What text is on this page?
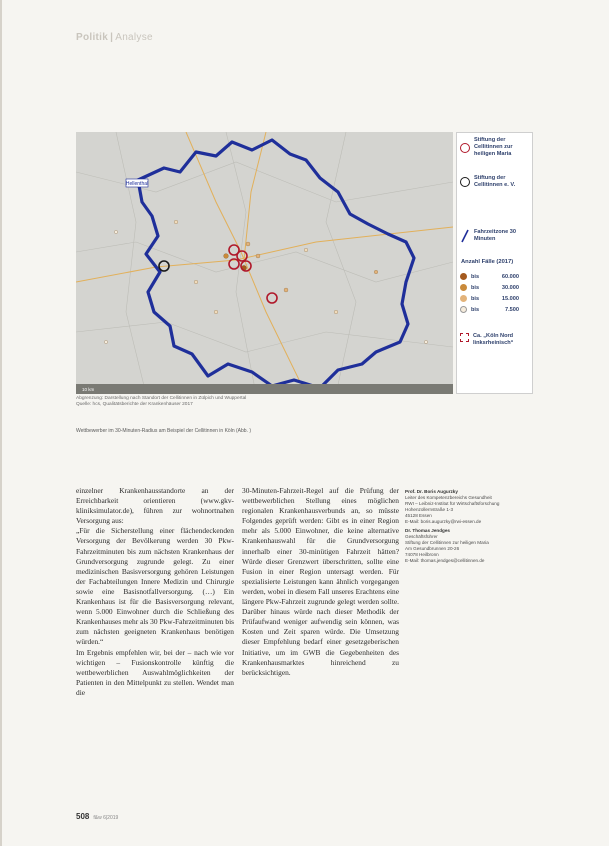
Politik | Analyse
Hellenthal
10 km
Stiftung der Cellitinnen zur heiligen Maria
Stiftung der Cellitinnen e. V.
Fahrzeitzone 30 Minuten
Anzahl Fälle (2017)
bis	60.000
bis	30.000
bis	15.000
bis	7.500
Ca. „Köln Nord linksrheinisch“
Abgrenzung: Darstellung nach Standort der Cellitinnen in Zülpich und Wuppertal
Quelle: hcs, Qualitätsberichte der Krankenhäuser 2017
Wettbewerber im 30-Minuten-Radius am Beispiel der Cellitinnen in Köln (Abb. )

einzelner Krankenhausstandorte an der Erreichbarkeit orientieren (www.gkv-kliniksimulator.de), führen zur wohnortnahen Versorgung aus:

„Für die Sicherstellung einer flächendeckenden Versorgung der Bevölkerung werden 30 Pkw-Fahrzeitminuten bis zum nächsten Krankenhaus der Grundversorgung zugrunde gelegt. Zu einer medizinischen Basisversorgung gehören Leistungen der Fachabteilungen Innere Medizin und Chirurgie sowie eine Basisnotfallversorgung. (…) Ein Krankenhaus ist für die Basisversorgung relevant, wenn 5.000 Einwohner durch die Schließung des Krankenhauses mehr als 30 Pkw-Fahrzeitminuten bis zum nächsten geeigneten Krankenhaus benötigen würden.“

Im Ergebnis empfehlen wir, bei der – nach wie vor wichtigen – Fusionskontrolle künftig die wettbewerblichen Auswahlmöglichkeiten der Patienten in den Mittelpunkt zu stellen. Wendet man die

30-Minuten-Fahrzeit-Regel auf die Prüfung der wettbewerblichen Stellung eines möglichen regionalen Krankenhausverbunds an, so müsste Folgendes geprüft werden: Gibt es in einer Region mehr als 5.000 Einwohner, die keine alternative Krankenhauswahl für die Grundversorgung innerhalb einer 30-minütigen Fahrzeit hätten? Würde dieser Grenzwert überschritten, sollte eine Fusion in einer Region untersagt werden. Für spezialisierte Leistungen kann ähnlich vorgegangen werden, wobei in diesem Fall unseres Erachtens eine längere Pkw-Fahrzeit zugrunde gelegt werden sollte. Darüber hinaus würde nach dieser Methodik der Prüfaufwand weniger aufwendig sein können, was Kosten und Zeit sparen würde. Die Umsetzung dieser Empfehlung bedarf einer gesetzgeberischen Initiative, um im GWB die Gegebenheiten des Krankenhausmarktes hinreichend zu berücksichtigen.

Prof. Dr. Boris Augurzky
Leiter des Kompetenzbereichs Gesundheit
RWI – Leibniz-Institut für Wirtschaftsforschung
Hohenzollernstraße 1-3
45128 Essen
E-Mail: boris.augurzky@rwi-essen.de
Dr. Thomas Jendges
Geschäftsführer
Stiftung der Cellitinnen zur heiligen Maria
Am Gesundbrunnen 20-26
74078 Heilbronn
E-Mail: thomas.jendges@cellitinnen.de
508 f&w 6|2019
